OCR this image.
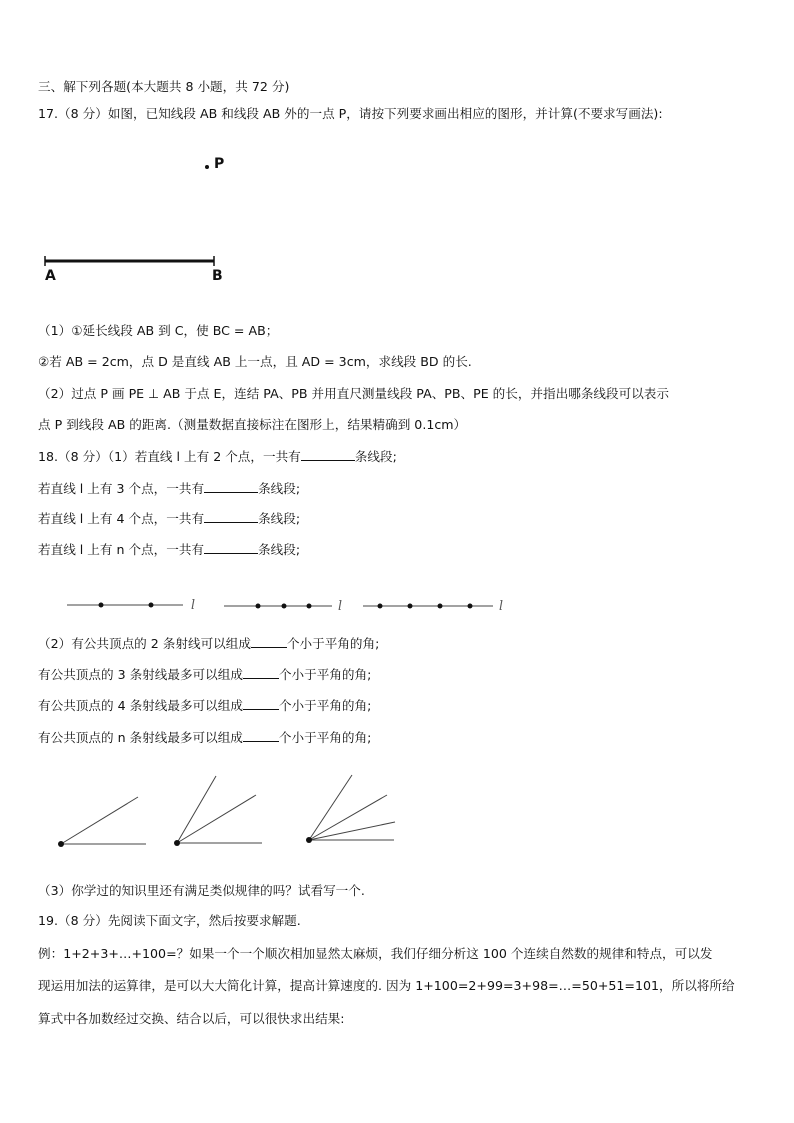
三、解下列各题(本大题共 8 小题，共 72 分)
17.（8 分）如图，已知线段 AB 和线段 AB 外的一点 P，请按下列要求画出相应的图形，并计算(不要求写画法):
P
A	B
（1）①延长线段 AB 到 C，使 BC = AB；
②若 AB = 2cm，点 D 是直线 AB 上一点，且 AD = 3cm，求线段 BD 的长.
（2）过点 P 画 PE ⊥ AB 于点 E，连结 PA、PB 并用直尺测量线段 PA、PB、PE 的长，并指出哪条线段可以表示
点 P 到线段 AB 的距离.（测量数据直接标注在图形上，结果精确到 0.1cm）
18.（8 分）（1）若直线 l 上有 2 个点，一共有	条线段;
若直线 l 上有 3 个点，一共有	条线段;
若直线 l 上有 4 个点，一共有	条线段;
若直线 l 上有 n 个点，一共有	条线段;
l	l	l
（2）有公共顶点的 2 条射线可以组成	个小于平角的角;
有公共顶点的 3 条射线最多可以组成	个小于平角的角;
有公共顶点的 4 条射线最多可以组成	个小于平角的角;
有公共顶点的 n 条射线最多可以组成	个小于平角的角;
（3）你学过的知识里还有满足类似规律的吗？试看写一个.
19.（8 分）先阅读下面文字，然后按要求解题.
例：1+2+3+…+100=？如果一个一个顺次相加显然太麻烦，我们仔细分析这 100 个连续自然数的规律和特点，可以发
现运用加法的运算律，是可以大大简化计算，提高计算速度的. 因为 1+100=2+99=3+98=…=50+51=101，所以将所给
算式中各加数经过交换、结合以后，可以很快求出结果:
